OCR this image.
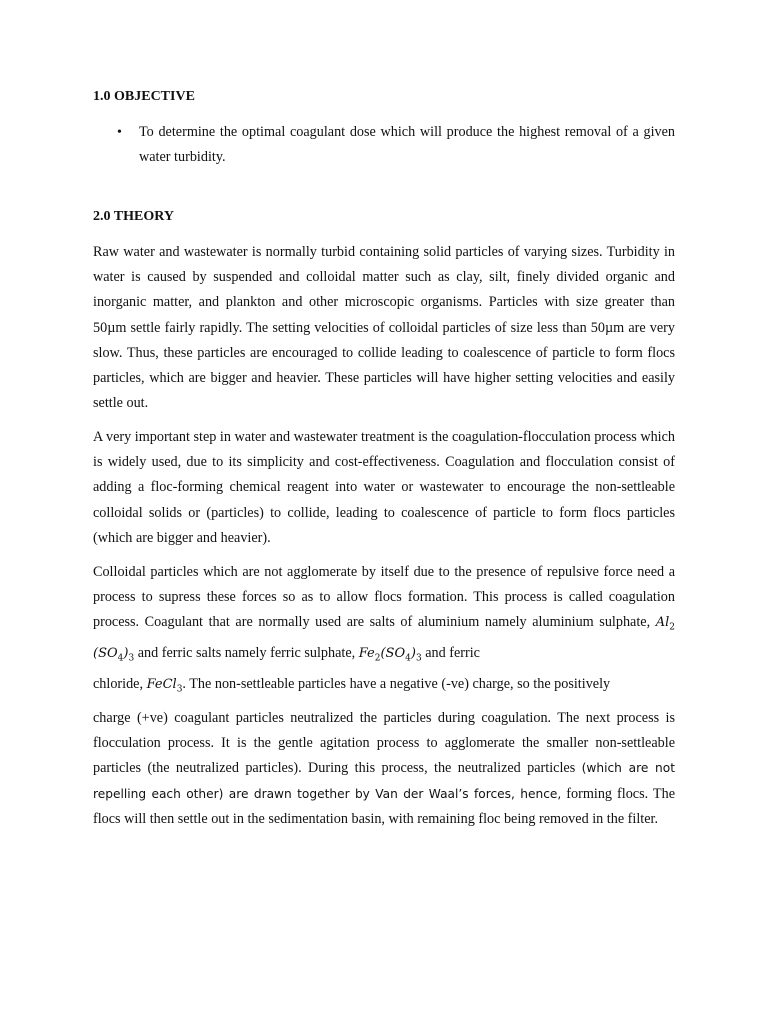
1.0 OBJECTIVE
• To determine the optimal coagulant dose which will produce the highest removal of a given water turbidity.

2.0 THEORY

Raw water and wastewater is normally turbid containing solid particles of varying sizes. Turbidity in water is caused by suspended and colloidal matter such as clay, silt, finely divided organic and inorganic matter, and plankton and other microscopic organisms. Particles with size greater than 50µm settle fairly rapidly. The setting velocities of colloidal particles of size less than 50µm are very slow. Thus, these particles are encouraged to collide leading to coalescence of particle to form flocs particles, which are bigger and heavier. These particles will have higher setting velocities and easily settle out.

A very important step in water and wastewater treatment is the coagulation-flocculation process which is widely used, due to its simplicity and cost-effectiveness. Coagulation and flocculation consist of adding a floc-forming chemical reagent into water or wastewater to encourage the non-settleable colloidal solids or (particles) to collide, leading to coalescence of particle to form flocs particles (which are bigger and heavier).

Colloidal particles which are not agglomerate by itself due to the presence of repulsive force need a process to supress these forces so as to allow flocs formation. This process is called coagulation process. Coagulant that are normally used are salts of aluminium namely aluminium sulphate, $Al_2$ $(SO_4)_3$ and ferric salts namely ferric sulphate, $Fe_2(SO_4)_3$ and ferric

chloride, FeCl$_3$. The non-settleable particles have a negative (-ve) charge, so the positively

charge (+ve) coagulant particles neutralized the particles during coagulation. The next process is flocculation process. It is the gentle agitation process to agglomerate the smaller non-settleable particles (the neutralized particles). During this process, the neutralized particles (which are not repelling each other) are drawn together by Van der Waal’s forces, hence, forming flocs. The flocs will then settle out in the sedimentation basin, with remaining floc being removed in the filter.
